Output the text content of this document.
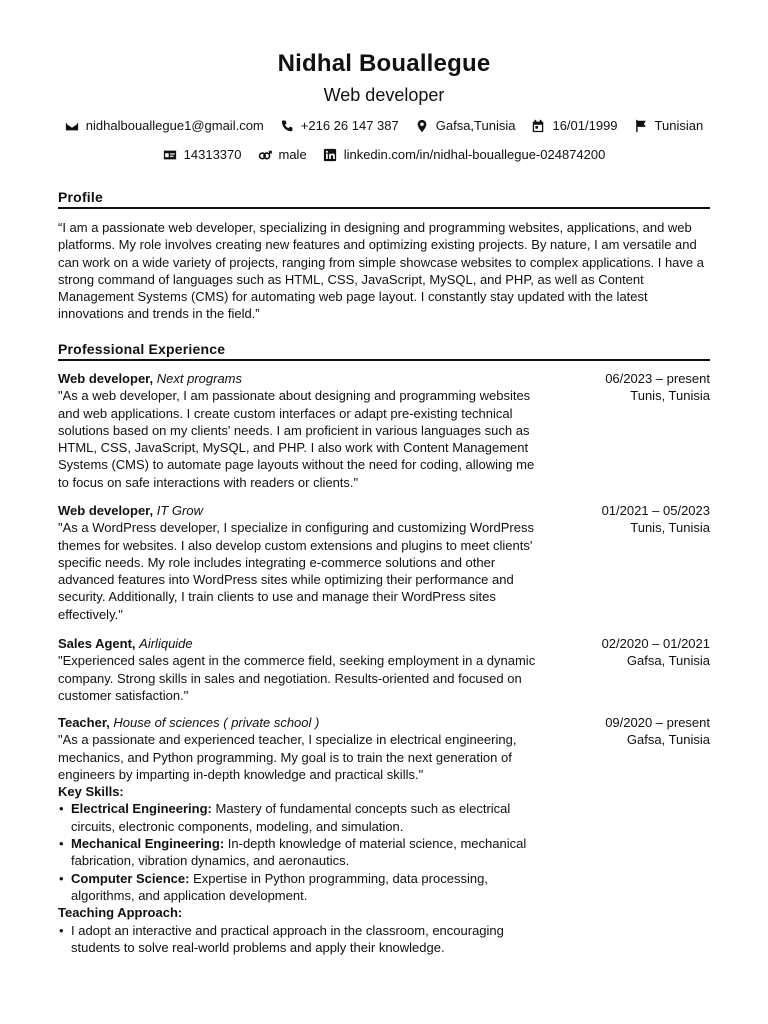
Nidhal Bouallegue
Web developer
nidhalbouallegue1@gmail.com	+216 26 147 387	Gafsa,Tunisia	16/01/1999	Tunisian
14313370	male	linkedin.com/in/nidhal-bouallegue-024874200
Profile
“I am a passionate web developer, specializing in designing and programming websites, applications, and web platforms. My role involves creating new features and optimizing existing projects. By nature, I am versatile and can work on a wide variety of projects, ranging from simple showcase websites to complex applications. I have a strong command of languages such as HTML, CSS, JavaScript, MySQL, and PHP, as well as Content Management Systems (CMS) for automating web page layout. I constantly stay updated with the latest innovations and trends in the field.”
Professional Experience
Web developer, Next programs

"As a web developer, I am passionate about designing and programming websites and web applications. I create custom interfaces or adapt pre-existing technical solutions based on my clients' needs. I am proficient in various languages such as HTML, CSS, JavaScript, MySQL, and PHP. I also work with Content Management Systems (CMS) to automate page layouts without the need for coding, allowing me to focus on safe interactions with readers or clients."

06/2023 – present
Tunis, Tunisia
Web developer, IT Grow

"As a WordPress developer, I specialize in configuring and customizing WordPress themes for websites. I also develop custom extensions and plugins to meet clients' specific needs. My role includes integrating e-commerce solutions and other advanced features into WordPress sites while optimizing their performance and security. Additionally, I train clients to use and manage their WordPress sites effectively."

01/2021 – 05/2023
Tunis, Tunisia
Sales Agent, Airliquide

"Experienced sales agent in the commerce field, seeking employment in a dynamic company. Strong skills in sales and negotiation. Results-oriented and focused on customer satisfaction."

02/2020 – 01/2021
Gafsa, Tunisia
Teacher, House of sciences ( private school )

"As a passionate and experienced teacher, I specialize in electrical engineering, mechanics, and Python programming. My goal is to train the next generation of engineers by imparting in-depth knowledge and practical skills."

Key Skills:
• Electrical Engineering: Mastery of fundamental concepts such as electrical circuits, electronic components, modeling, and simulation.
• Mechanical Engineering: In-depth knowledge of material science, mechanical fabrication, vibration dynamics, and aeronautics.
• Computer Science: Expertise in Python programming, data processing, algorithms, and application development.
Teaching Approach:
• I adopt an interactive and practical approach in the classroom, encouraging students to solve real-world problems and apply their knowledge.
09/2020 – present
Gafsa, Tunisia
